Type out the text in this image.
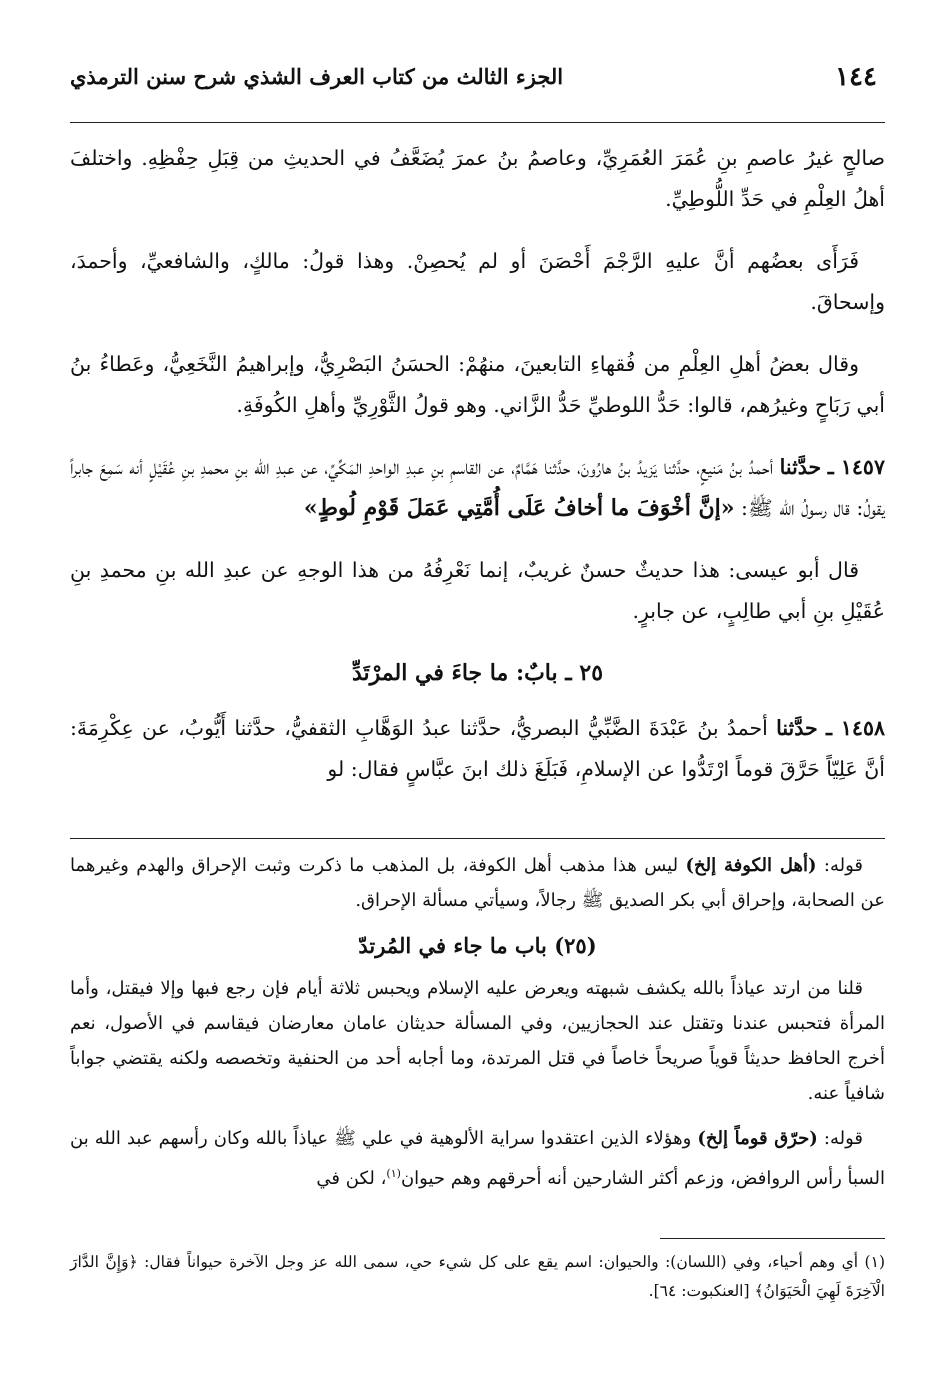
١٤٤
الجزء الثالث من كتاب العرف الشذي شرح سنن الترمذي

صالحٍ غيرُ عاصمِ بنِ عُمَرَ العُمَرِيِّ، وعاصمُ بنُ عمرَ يُضَعَّفُ في الحديثِ من قِبَلِ حِفْظِهِ. واختلفَ أهلُ العِلْمِ في حَدِّ اللُّوطِيِّ.

فَرَأَى بعضُهم أنَّ عليهِ الرَّجْمَ أَحْصَنَ أو لم يُحصِنْ. وهذا قولُ: مالكٍ، والشافعيِّ، وأحمدَ، وإسحاقَ.

وقال بعضُ أهلِ العِلْمِ من فُقهاءِ التابعينَ، منهُمْ: الحسَنُ البَصْرِيُّ، وإبراهيمُ النَّخَعِيُّ، وعَطاءُ بنُ أبي رَبَاحٍ وغيرُهم، قالوا: حَدُّ اللوطيِّ حَدُّ الزَّاني. وهو قولُ الثَّوْرِيِّ وأهلِ الكُوفَةِ.

١٤٥٧ ـ حدَّثنا أحمدُ بنُ مَنيعٍ، حدَّثنا يَزيدُ بنُ هارُونَ، حدَّثنا هَمَّامٌ، عن القاسمِ بنِ عبدِ الواحدِ المَكِّيِّ، عن عبدِ الله بنِ محمدِ بنِ عُقَيْلٍ أنه سَمِعَ جابراً يقولُ: قال رسولُ الله ﷺ: «إنَّ أخْوَفَ ما أخافُ عَلَى أُمَّتِي عَمَلَ قَوْمِ لُوطٍ»

قال أبو عيسى: هذا حديثٌ حسنٌ غريبٌ، إنما نَعْرِفُهُ من هذا الوجهِ عن عبدِ الله بنِ محمدِ بنِ عُقَيْلِ بنِ أبي طالِبٍ، عن جابرٍ.

٢٥ ـ بابٌ: ما جاءَ في المرْتَدِّ

١٤٥٨ ـ حدَّثنا أحمدُ بنُ عَبْدَةَ الضَّبِّيُّ البصريُّ، حدَّثنا عبدُ الوَهَّابِ الثقفيُّ، حدَّثنا أَيُّوبُ، عن عِكْرِمَةَ: أنَّ عَلِيّاً حَرَّقَ قوماً ارْتَدُّوا عن الإسلامِ، فَبَلَغَ ذلك ابنَ عبَّاسٍ فقال: لو

قوله: (أهل الكوفة إلخ) ليس هذا مذهب أهل الكوفة، بل المذهب ما ذكرت وثبت الإحراق والهدم وغيرهما عن الصحابة، وإحراق أبي بكر الصديق ﷺ رجالاً، وسيأتي مسألة الإحراق.

(٢٥) باب ما جاء في المُرتدّ

قلنا من ارتد عياذاً بالله يكشف شبهته ويعرض عليه الإسلام ويحبس ثلاثة أيام فإن رجع فبها وإلا فيقتل، وأما المرأة فتحبس عندنا وتقتل عند الحجازيين، وفي المسألة حديثان عامان معارضان فيقاسم في الأصول، نعم أخرج الحافظ حديثاً قوياً صريحاً خاصاً في قتل المرتدة، وما أجابه أحد من الحنفية وتخصصه ولكنه يقتضي جواباً شافياً عنه.

قوله: (حرّق قوماً إلخ) وهؤلاء الذين اعتقدوا سراية الألوهية في علي ﷺ عياذاً بالله وكان رأسهم عبد الله بن السبأ رأس الروافض، وزعم أكثر الشارحين أنه أحرقهم وهم حيوان$^{(١)}$، لكن في

(١) أي وهم أحياء، وفي (اللسان): والحيوان: اسم يقع على كل شيء حي، سمى الله عز وجل الآخرة حيواناً فقال: ﴿وَإِنَّ الدَّارَ الْآخِرَةَ لَهِيَ الْحَيَوَانُ﴾ [العنكبوت: ٦٤].
